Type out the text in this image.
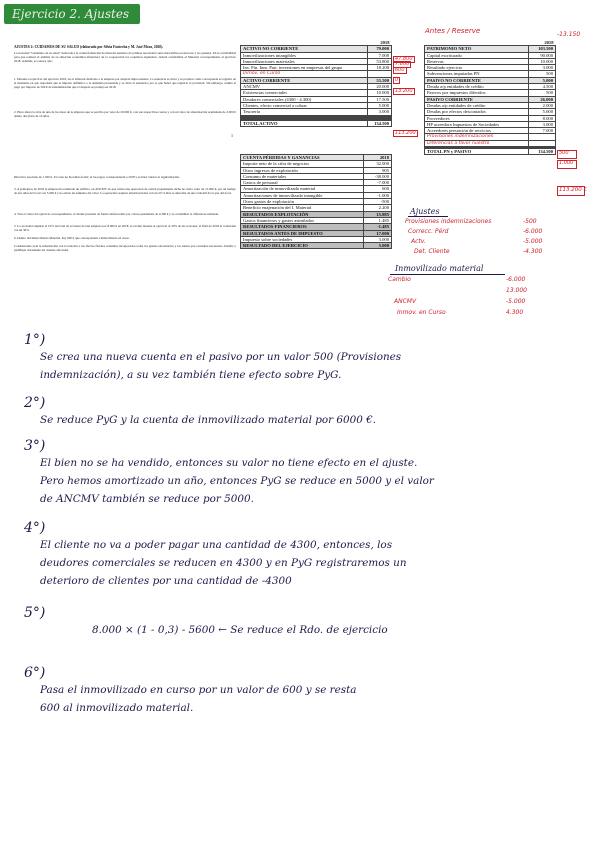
Ejercicio 2. Ajustes
AJUSTES 2: CUIDAMOS DE SU SALUD (elaborado por Silvia Fontecha y M. José Mora, 2020).
La sociedad "Cuidamos de su salud" dedicada a la comercialización de material sanitario de primera necesidad como mascarillas protectoras y los guantes. En la contabilidad para que realizar el análisis de su situación económico-financiera de la cooperación los requisitos siguientes, deberá contabilizar el Material correspondiente al ejercicio 2018. Además, se conoce que:
1. Durante el ejercicio del ejercicio 2018, en el almacén dedicado a la empresa por despido improcedente. La sentencia se dictó y se produce como corresponde se registró en el momento en que respondía que el importe definitivo a la demanda presentada y se dictó la sentencia; por lo que habrá que registrar la provisión. Sin embargo, estimó el pago por importe de 500 € de indemnización que el despido se produjo en 2018.
2. Hace ahora la obra de una de las áreas de la empresa que se perciba por valor de 20.000 €, con sus respectivas cuotas y con un valor de amortización acumulada de 2.000 € dentro del plazo de 10 años.
1
Directivo asociado de 1.500 €. El coste no ha tenido fecha; el los pagos corresponderán a 2018 y se hará constar la regularización.
3. A principios de 2018 la empresa ha realizado un edificio, en ANCMV en que existe una operación de cesión propiamente dicha de cierto valor de 15.000 €, por un tiempo de dos años del local con 5.000 € y no existe un aumento del valor. La operación requiere amortizaciones con un 20 % más se amortiza de una vida útil de la que del local.
4. Tras el cierre del ejercicio correspondiente, el cliente presentó de forma desfavorable por cobros pendientes de 4.300 € y se contabilizó la diferencia estimada.
5. La sociedad adquirió el 10% del total de acciones de una empresa por 8.000 € en 2018; se evaluó durante el ejercicio al 30% de las acciones; al final de 2018 la cotización cae un 30%.
6. Dentro del Inmovilizado Material, hay 600 € que corresponden a inmovilizado en curso.
Considerando toda la información con la relación a los efectos fiscales contables incorporados todas los ajustes encontrados y los saldos que considere necesarios. Detalle y justifique claramente las cuentas afectadas.
	2018
ACTIVO NO CORRIENTE	79.000
Inmovilizaciones intangibles	7.000
Inmovilizaciones materiales	53.800
Inv. Fin. Inm. Part. inversiones en empresas del grupo	18.200
Inmov. en Curso	
ACTIVO CORRIENTE	55.500
ANCMV	20.000
Existencias comerciales	10.000
Deudores comerciales (4300 - 4.300)	17.500
Clientes, efecto comercial a cobrar	5.000
Tesorería	3.000

TOTAL ACTIVO	134.500
47.800
7.800
600
0
13.200
113.200
Antes / Reserve	-13.150
	2018
PATRIMONIO NETO	103.500
Capital escriturado	90.000
Reservas	10.000
Resultado ejercicio	3.000
Subvenciones imputadas PN	500
PASIVO NO CORRIENTE	5.000
Deuda a/p entidades de crédito	4.500
Pasivos por impuestos diferidos	500
PASIVO CORRIENTE	26.000
Deudas a/p entidades de crédito	2.000
Deudas por efectos descontados	5.000
Proveedores	8.000
HP acreedora Impuestos de Sociedades	3.000
Acreedores prestación de servicios	7.000
Provisiones indemnizaciones	
Diferencias a favor nuestro	

TOTAL PN y PASIVO	134.500 500
1.000
113.200 €
CUENTA PÉRDIDAS Y GANANCIAS	2018
Importe neto de la cifra de negocios	32.000
Otros ingresos de explotación	905
Consumo de materiales	-38.000
Gastos de personal	-7.000
Amortización de inmovilizado material	600
Amortizaciones de inmovilizado intangible	-1.000
Otros gastos de explotación	-500
Beneficio enajenación del I. Material	2.200
RESULTADOS EXPLOTACIÓN	15.885
Gastos financieros y gastos asimilados	1.485
RESULTADOS FINANCIEROS	-1.485
RESULTADOS ANTES DE IMPUESTO	17.000
Impuesto sobre sociedades	3.000
RESULTADO DEL EJERCICIO	5.000
Ajustes
Provisiones indemnizaciones	-500
Correcc. Pérd	-6.000
Actv.	-5.000
Det. Cliente	-4.300
Inmovilizado material
Cambio	-6.000
13.000
ANCMV	-5.000
Inmov. en Curso	4.300
1°)
Se crea una nueva cuenta en el pasivo por un valor 500 (Provisiones
indemnización), a su vez también tiene efecto sobre PyG.
2°)
Se reduce PyG y la cuenta de inmovilizado material por 6000 €.
3°)
El bien no se ha vendido, entonces su valor no tiene efecto en el ajuste.
Pero hemos amortizado un año, entonces PyG se reduce en 5000 y el valor
de ANCMV también se reduce por 5000.
4°)
El cliente no va a poder pagar una cantidad de 4300, entonces, los
deudores comerciales se reducen en 4300 y en PyG registraremos un
deterioro de clientes por una cantidad de -4300
5°)
8.000 × (1 - 0,3) - 5600 ← Se reduce el Rdo. de ejercicio
6°)
Pasa el inmovilizado en curso por un valor de 600 y se resta
600 al inmovilizado material.
